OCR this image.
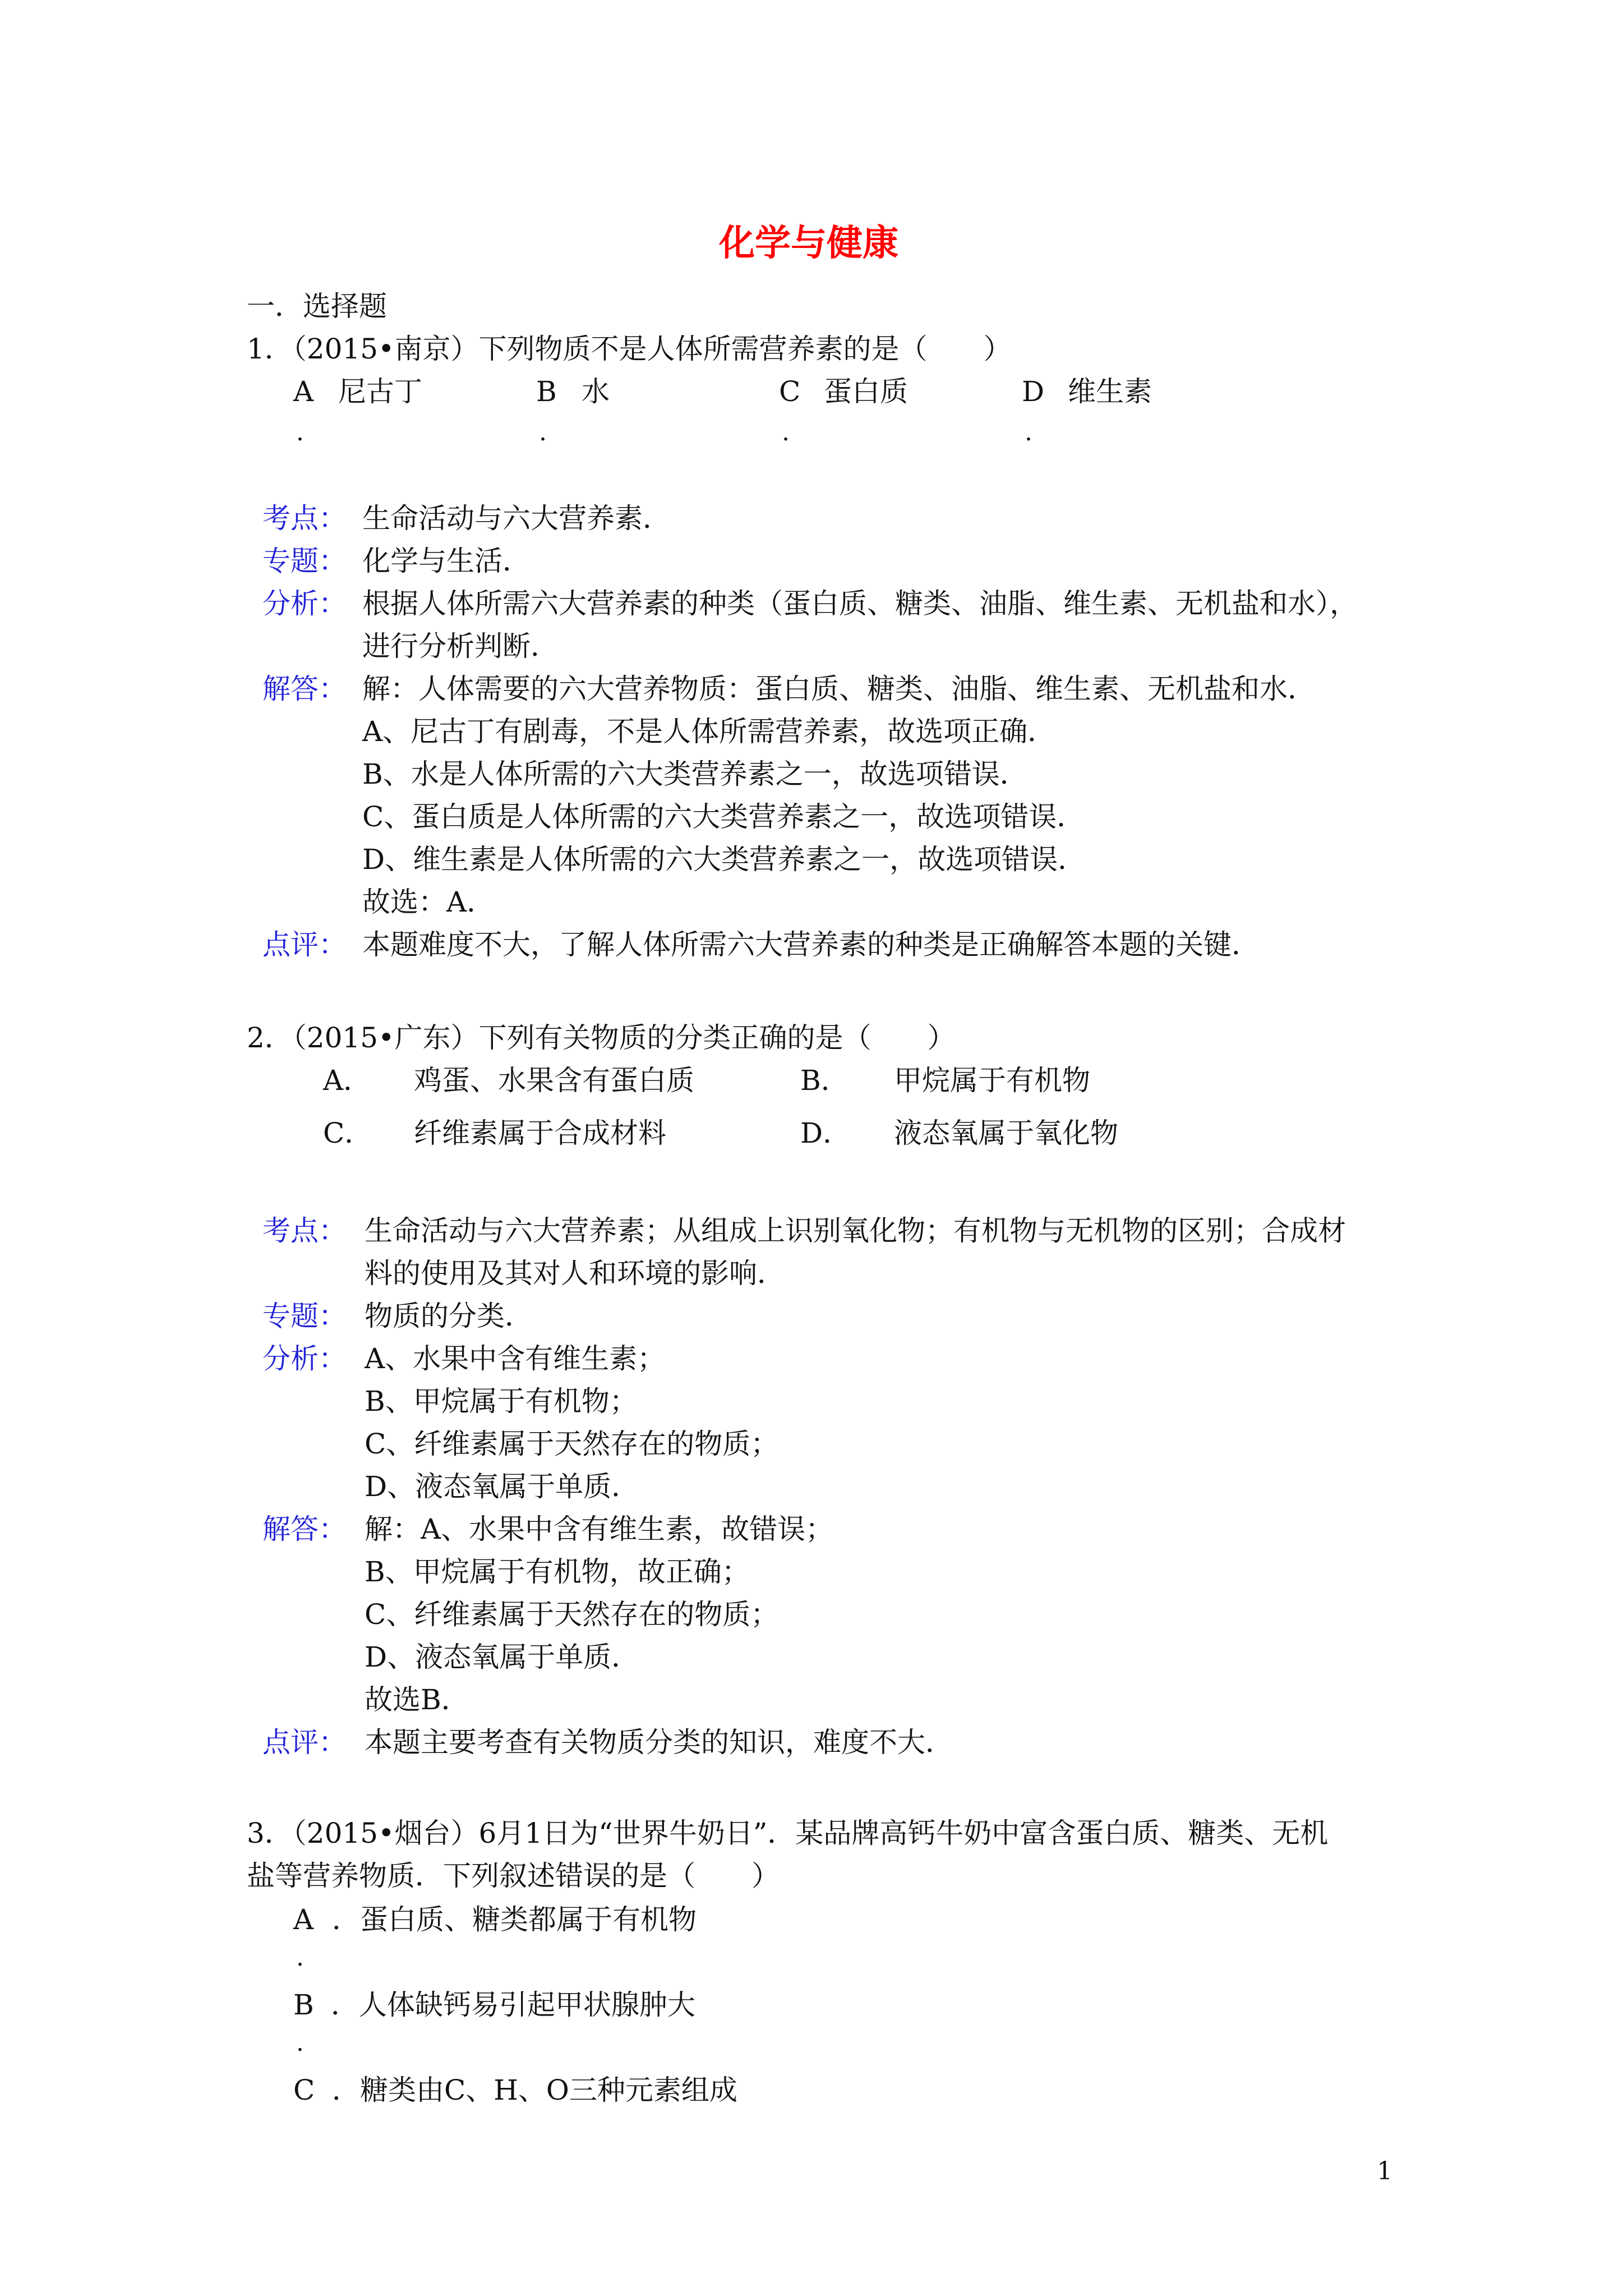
化学与健康
一．选择题
1．（2015•南京）下列物质不是人体所需营养素的是（　　）
A 尼古丁
.
B 水
.
C 蛋白质
.
D 维生素
.
考点： 生命活动与六大营养素．
专题： 化学与生活．
分析： 根据人体所需六大营养素的种类（蛋白质、糖类、油脂、维生素、无机盐和水），
进行分析判断．
解答： 解：人体需要的六大营养物质：蛋白质、糖类、油脂、维生素、无机盐和水．
A、尼古丁有剧毒，不是人体所需营养素，故选项正确．
B、水是人体所需的六大类营养素之一，故选项错误．
C、蛋白质是人体所需的六大类营养素之一，故选项错误．
D、维生素是人体所需的六大类营养素之一，故选项错误．
故选：A．
点评： 本题难度不大，了解人体所需六大营养素的种类是正确解答本题的关键．
2．（2015•广东）下列有关物质的分类正确的是（　　）
A． 鸡蛋、水果含有蛋白质	B． 甲烷属于有机物
C． 纤维素属于合成材料	D． 液态氧属于氧化物
考点： 生命活动与六大营养素；从组成上识别氧化物；有机物与无机物的区别；合成材
料的使用及其对人和环境的影响．
专题： 物质的分类．
分析： A、水果中含有维生素；
B、甲烷属于有机物；
C、纤维素属于天然存在的物质；
D、液态氧属于单质．
解答： 解：A、水果中含有维生素，故错误；
B、甲烷属于有机物，故正确；
C、纤维素属于天然存在的物质；
D、液态氧属于单质．
故选B．
点评： 本题主要考查有关物质分类的知识，难度不大．
3．（2015•烟台）6月1日为“世界牛奶日”．某品牌高钙牛奶中富含蛋白质、糖类、无机
盐等营养物质．下列叙述错误的是（　　）
A ．蛋白质、糖类都属于有机物
.
B ．人体缺钙易引起甲状腺肿大
.
C ．糖类由C、H、O三种元素组成
1
